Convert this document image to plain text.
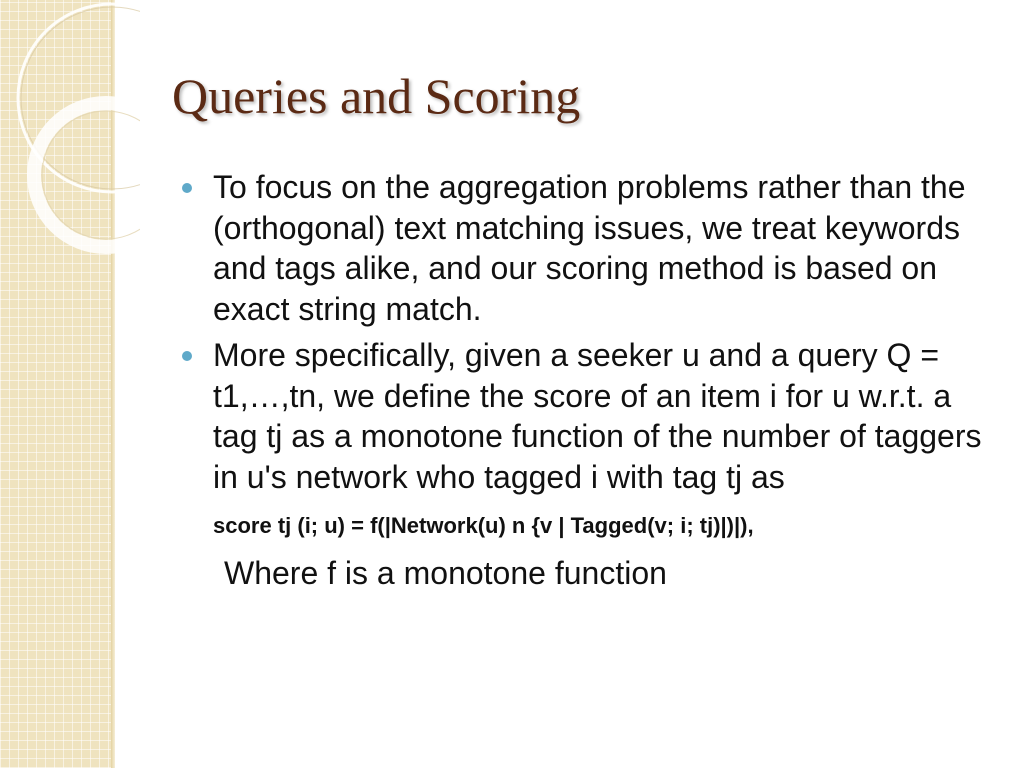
Queries and Scoring
To focus on the aggregation problems rather than the (orthogonal) text matching issues, we treat keywords and tags alike, and our scoring method is based on exact string match.
More specifically, given a seeker u and a query Q = t1,…,tn, we define the score of an item i for u w.r.t. a tag tj as a monotone function of the number of taggers in u's network who tagged i with tag tj as
score tj (i; u) = f(|Network(u) n {v | Tagged(v; i; tj)|)|),
Where f is a monotone function
